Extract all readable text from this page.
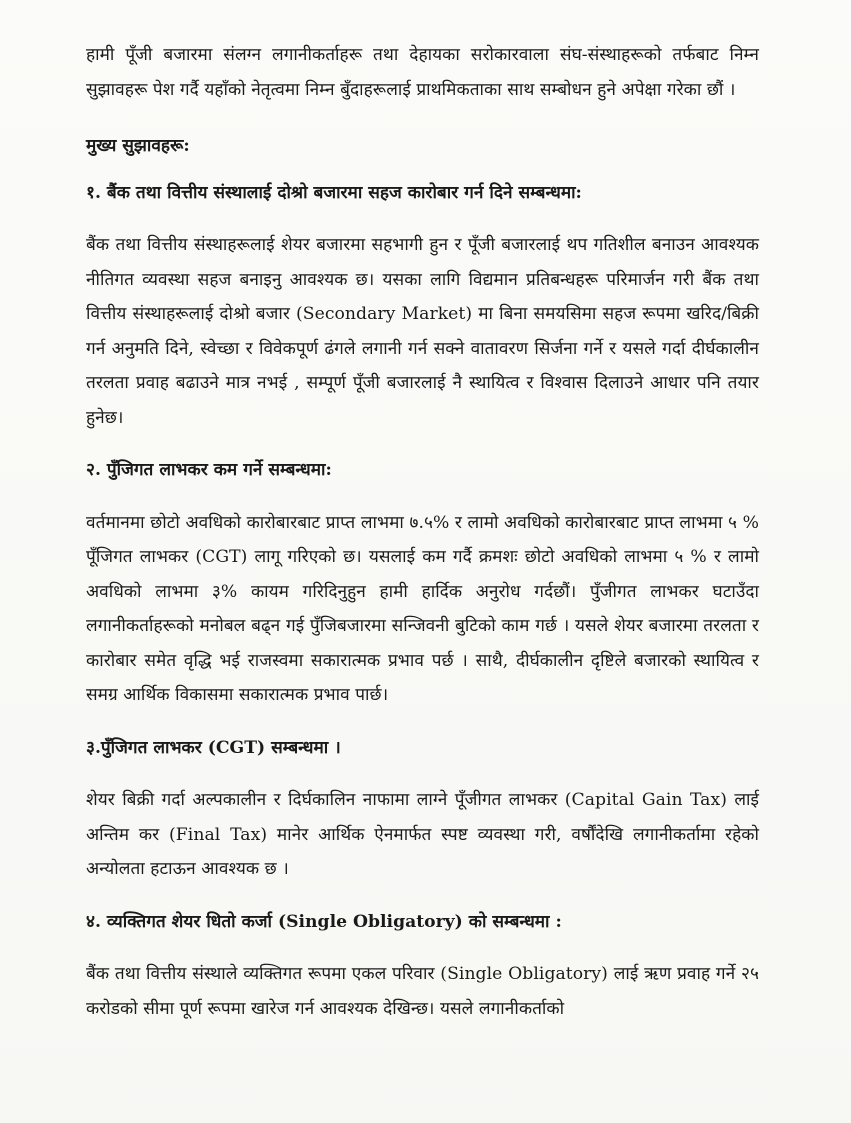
हामी पूँजी बजारमा संलग्न लगानीकर्ताहरू तथा देहायका सरोकारवाला संघ-संस्थाहरूको तर्फबाट निम्न सुझावहरू पेश गर्दै यहाँको नेतृत्वमा निम्न बुँदाहरूलाई प्राथमिकताका साथ सम्बोधन हुने अपेक्षा गरेका छौं ।

मुख्य सुझावहरू:

१. बैंक तथा वित्तीय संस्थालाई दोश्रो बजारमा सहज कारोबार गर्न दिने सम्बन्धमा:

बैंक तथा वित्तीय संस्थाहरूलाई शेयर बजारमा सहभागी हुन र पूँजी बजारलाई थप गतिशील बनाउन आवश्यक नीतिगत व्यवस्था सहज बनाइनु आवश्यक छ। यसका लागि विद्यमान प्रतिबन्धहरू परिमार्जन गरी बैंक तथा वित्तीय संस्थाहरूलाई दोश्रो बजार (Secondary Market) मा बिना समयसिमा सहज रूपमा खरिद/बिक्री गर्न अनुमति दिने, स्वेच्छा र विवेकपूर्ण ढंगले लगानी गर्न सक्ने वातावरण सिर्जना गर्ने र यसले गर्दा दीर्घकालीन तरलता प्रवाह बढाउने मात्र नभई , सम्पूर्ण पूँजी बजारलाई नै स्थायित्व र विश्वास दिलाउने आधार पनि तयार हुनेछ।

२. पुँजिगत लाभकर कम गर्ने सम्बन्धमा:

वर्तमानमा छोटो अवधिको कारोबारबाट प्राप्त लाभमा ७.५% र लामो अवधिको कारोबारबाट प्राप्त लाभमा ५ % पूँजिगत लाभकर (CGT) लागू गरिएको छ। यसलाई कम गर्दै क्रमशः छोटो अवधिको लाभमा ५ % र लामो अवधिको लाभमा ३% कायम गरिदिनुहुन हामी हार्दिक अनुरोध गर्दछौं। पुँजीगत लाभकर घटाउँदा लगानीकर्ताहरूको मनोबल बढ्न गई पुँजिबजारमा सन्जिवनी बुटिको काम गर्छ । यसले शेयर बजारमा तरलता र कारोबार समेत वृद्धि भई राजस्वमा सकारात्मक प्रभाव पर्छ । साथै, दीर्घकालीन दृष्टिले बजारको स्थायित्व र समग्र आर्थिक विकासमा सकारात्मक प्रभाव पार्छ।

३.पुँजिगत लाभकर (CGT) सम्बन्धमा ।

शेयर बिक्री गर्दा अल्पकालीन र दिर्घकालिन नाफामा लाग्ने पूँजीगत लाभकर (Capital Gain Tax) लाई अन्तिम कर (Final Tax) मानेर आर्थिक ऐनमार्फत स्पष्ट व्यवस्था गरी, वर्षौंदेखि लगानीकर्तामा रहेको अन्योलता हटाऊन आवश्यक छ ।

४. व्यक्तिगत शेयर धितो कर्जा (Single Obligatory) को सम्बन्धमा :

बैंक तथा वित्तीय संस्थाले व्यक्तिगत रूपमा एकल परिवार (Single Obligatory) लाई ऋण प्रवाह गर्ने २५ करोडको सीमा पूर्ण रूपमा खारेज गर्न आवश्यक देखिन्छ। यसले लगानीकर्ताको
